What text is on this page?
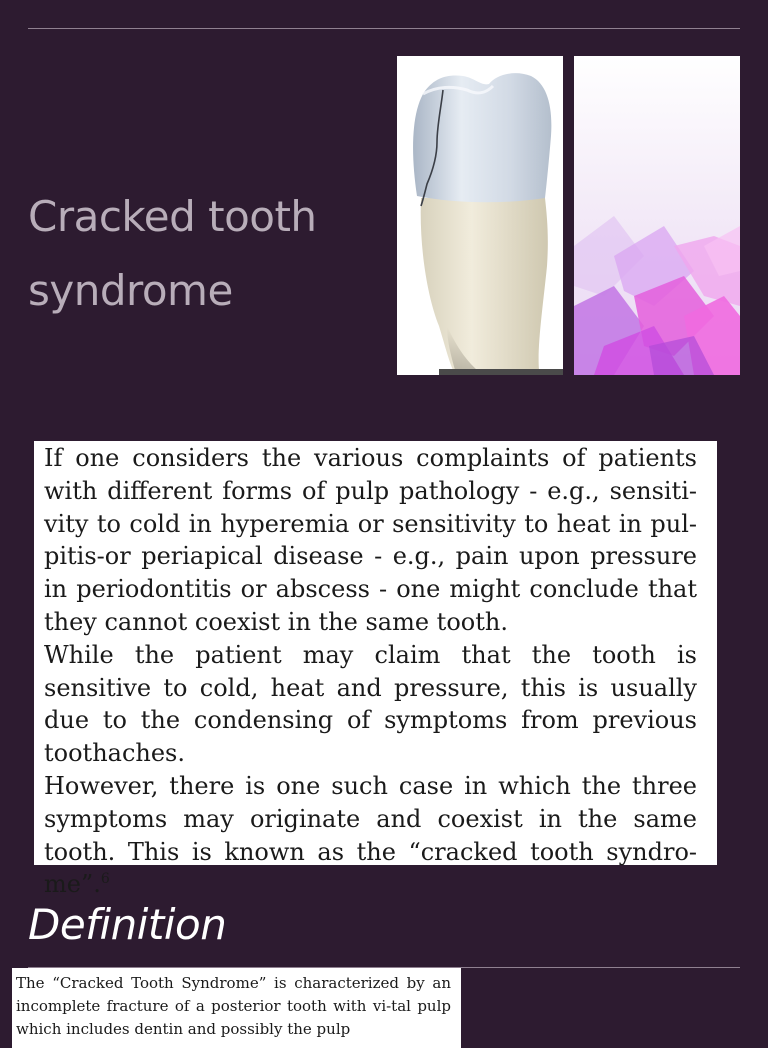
Cracked tooth syndrome

If one considers the various complaints of patients with different forms of pulp pathology - e.g., sensiti-vity to cold in hyperemia or sensitivity to heat in pul-pitis-or periapical disease - e.g., pain upon pressure in periodontitis or abscess - one might conclude that they cannot coexist in the same tooth.

While the patient may claim that the tooth is sensitive to cold, heat and pressure, this is usually due to the condensing of symptoms from previous toothaches.

However, there is one such case in which the three symptoms may originate and coexist in the same tooth. This is known as the “cracked tooth syndro-me”.$^6$

Definition

The “Cracked Tooth Syndrome” is characterized by an incomplete fracture of a posterior tooth with vi-tal pulp which includes dentin and possibly the pulp
